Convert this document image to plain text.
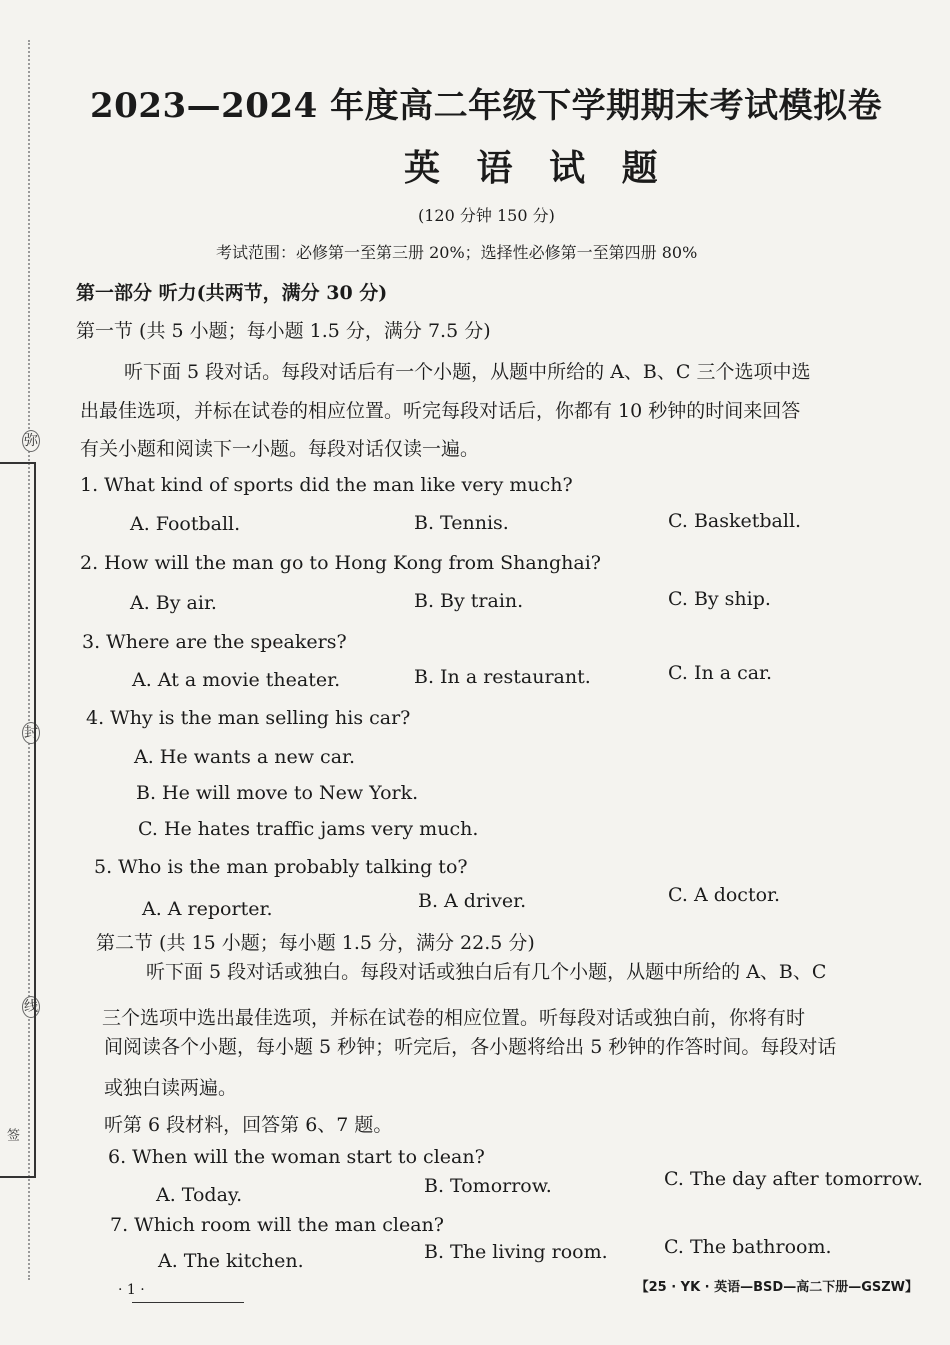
弥
封
线
签
2023—2024 年度高二年级下学期期末考试模拟卷
英 语 试 题
(120 分钟 150 分)
考试范围：必修第一至第三册 20%；选择性必修第一至第四册 80%
第一部分 听力(共两节，满分 30 分)
第一节 (共 5 小题；每小题 1.5 分，满分 7.5 分)
听下面 5 段对话。每段对话后有一个小题，从题中所给的 A、B、C 三个选项中选
出最佳选项，并标在试卷的相应位置。听完每段对话后，你都有 10 秒钟的时间来回答
有关小题和阅读下一小题。每段对话仅读一遍。
1. What kind of sports did the man like very much?
A. Football.	B. Tennis.	C. Basketball.
2. How will the man go to Hong Kong from Shanghai?
A. By air.	B. By train.	C. By ship.
3. Where are the speakers?
A. At a movie theater.	B. In a restaurant.	C. In a car.
4. Why is the man selling his car?
A. He wants a new car.
B. He will move to New York.
C. He hates traffic jams very much.
5. Who is the man probably talking to?
A. A reporter.	B. A driver.	C. A doctor.
第二节 (共 15 小题；每小题 1.5 分，满分 22.5 分)
听下面 5 段对话或独白。每段对话或独白后有几个小题，从题中所给的 A、B、C
三个选项中选出最佳选项，并标在试卷的相应位置。听每段对话或独白前，你将有时
间阅读各个小题，每小题 5 秒钟；听完后，各小题将给出 5 秒钟的作答时间。每段对话
或独白读两遍。
听第 6 段材料，回答第 6、7 题。
6. When will the woman start to clean?
A. Today.	B. Tomorrow.	C. The day after tomorrow.
7. Which room will the man clean?
A. The kitchen.	B. The living room.	C. The bathroom.
· 1 ·	【25 · YK · 英语—BSD—高二下册—GSZW】
